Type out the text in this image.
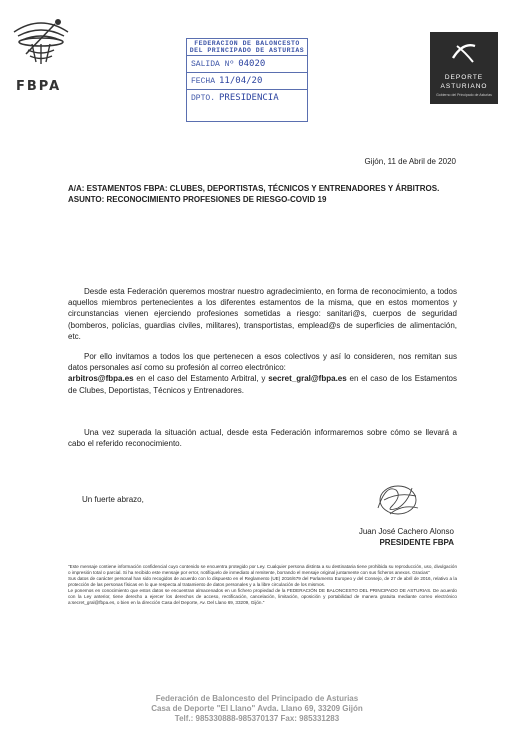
FBPA
FEDERACION DE BALONCESTO
DEL PRINCIPADO DE ASTURIAS
SALIDA Nº 04020
FECHA 11/04/20
DPTO. PRESIDENCIA
DEPORTE
ASTURIANO
Gobierno del Principado de Asturias
Gijón, 11 de Abril de 2020
A/A: ESTAMENTOS FBPA: CLUBES, DEPORTISTAS, TÉCNICOS Y ENTRENADORES Y ÁRBITROS.
ASUNTO: RECONOCIMIENTO PROFESIONES DE RIESGO-COVID 19

Desde esta Federación queremos mostrar nuestro agradecimiento, en forma de reconocimiento, a todos aquellos miembros pertenecientes a los diferentes estamentos de la misma, que en estos momentos y circunstancias vienen ejerciendo profesiones sometidas a riesgo: sanitari@s, cuerpos de seguridad (bomberos, policías, guardias civiles, militares), transportistas, emplead@s de superficies de alimentación, etc.

Por ello invitamos a todos los que pertenecen a esos colectivos y así lo consideren, nos remitan sus datos personales así como su profesión al correo electrónico:
arbitros@fbpa.es en el caso del Estamento Arbitral, y secret_gral@fbpa.es en el caso de los Estamentos de Clubes, Deportistas, Técnicos y Entrenadores.

Una vez superada la situación actual, desde esta Federación informaremos sobre cómo se llevará a cabo el referido reconocimiento.

Un fuerte abrazo,
Juan José Cachero Alonso
PRESIDENTE FBPA

"Este mensaje contiene información confidencial cuyo contenido se encuentra protegido por Ley. Cualquier persona distinta a su destinataria tiene prohibida su reproducción, uso, divulgación o impresión total o parcial. Si ha recibido este mensaje por error, notifíquelo de inmediato al remitente, borrando el mensaje original juntamente con sus ficheros anexos. Gracias"

Sus datos de carácter personal han sido recogidos de acuerdo con lo dispuesto en el Reglamento (UE) 2016/679 del Parlamento Europeo y del Consejo, de 27 de abril de 2016, relativo a la protección de las personas físicas en lo que respecta al tratamiento de datos personales y a la libre circulación de los mismos.

Le ponemos en conocimiento que estos datos se encuentran almacenados en un fichero propiedad de la FEDERACIÓN DE BALONCESTO DEL PRINCIPADO DE ASTURIAS. De acuerdo con la Ley anterior, tiene derecho a ejercer los derechos de acceso, rectificación, cancelación, limitación, oposición y portabilidad de manera gratuita mediante correo electrónico a:secret_gral@fbpa.es, o bien en la dirección Casa del Deporte, Av. Del Llano 69, 33209, Gijón."

Federación de Baloncesto del Principado de Asturias
Casa de Deporte "El Llano" Avda. Llano 69, 33209 Gijón
Telf.: 985330888-985370137 Fax: 985331283
